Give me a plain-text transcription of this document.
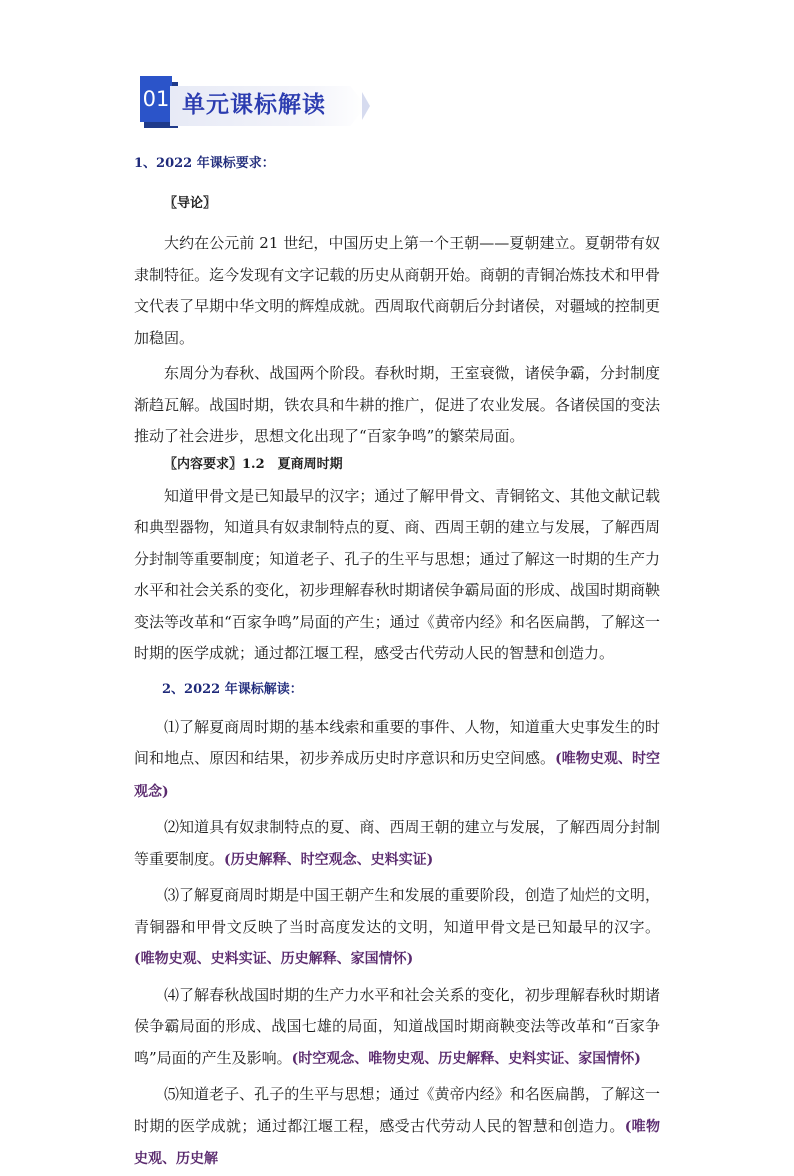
01 单元课标解读

1、2022 年课标要求：

〖导论〗

大约在公元前 21 世纪，中国历史上第一个王朝——夏朝建立。夏朝带有奴隶制特征。迄今发现有文字记载的历史从商朝开始。商朝的青铜冶炼技术和甲骨文代表了早期中华文明的辉煌成就。西周取代商朝后分封诸侯，对疆域的控制更加稳固。

东周分为春秋、战国两个阶段。春秋时期，王室衰微，诸侯争霸，分封制度渐趋瓦解。战国时期，铁农具和牛耕的推广，促进了农业发展。各诸侯国的变法推动了社会进步，思想文化出现了“百家争鸣”的繁荣局面。

〖内容要求〗1.2　夏商周时期

知道甲骨文是已知最早的汉字；通过了解甲骨文、青铜铭文、其他文献记载和典型器物，知道具有奴隶制特点的夏、商、西周王朝的建立与发展，了解西周分封制等重要制度；知道老子、孔子的生平与思想；通过了解这一时期的生产力水平和社会关系的变化，初步理解春秋时期诸侯争霸局面的形成、战国时期商鞅变法等改革和“百家争鸣”局面的产生；通过《黄帝内经》和名医扁鹊，了解这一时期的医学成就；通过都江堰工程，感受古代劳动人民的智慧和创造力。

2、2022 年课标解读：

⑴了解夏商周时期的基本线索和重要的事件、人物，知道重大史事发生的时间和地点、原因和结果，初步养成历史时序意识和历史空间感。(唯物史观、时空观念)

⑵知道具有奴隶制特点的夏、商、西周王朝的建立与发展，了解西周分封制等重要制度。(历史解释、时空观念、史料实证)

⑶了解夏商周时期是中国王朝产生和发展的重要阶段，创造了灿烂的文明，青铜器和甲骨文反映了当时高度发达的文明，知道甲骨文是已知最早的汉字。(唯物史观、史料实证、历史解释、家国情怀)

⑷了解春秋战国时期的生产力水平和社会关系的变化，初步理解春秋时期诸侯争霸局面的形成、战国七雄的局面，知道战国时期商鞅变法等改革和“百家争鸣”局面的产生及影响。(时空观念、唯物史观、历史解释、史料实证、家国情怀)

⑸知道老子、孔子的生平与思想；通过《黄帝内经》和名医扁鹊，了解这一时期的医学成就；通过都江堰工程，感受古代劳动人民的智慧和创造力。(唯物史观、历史解
